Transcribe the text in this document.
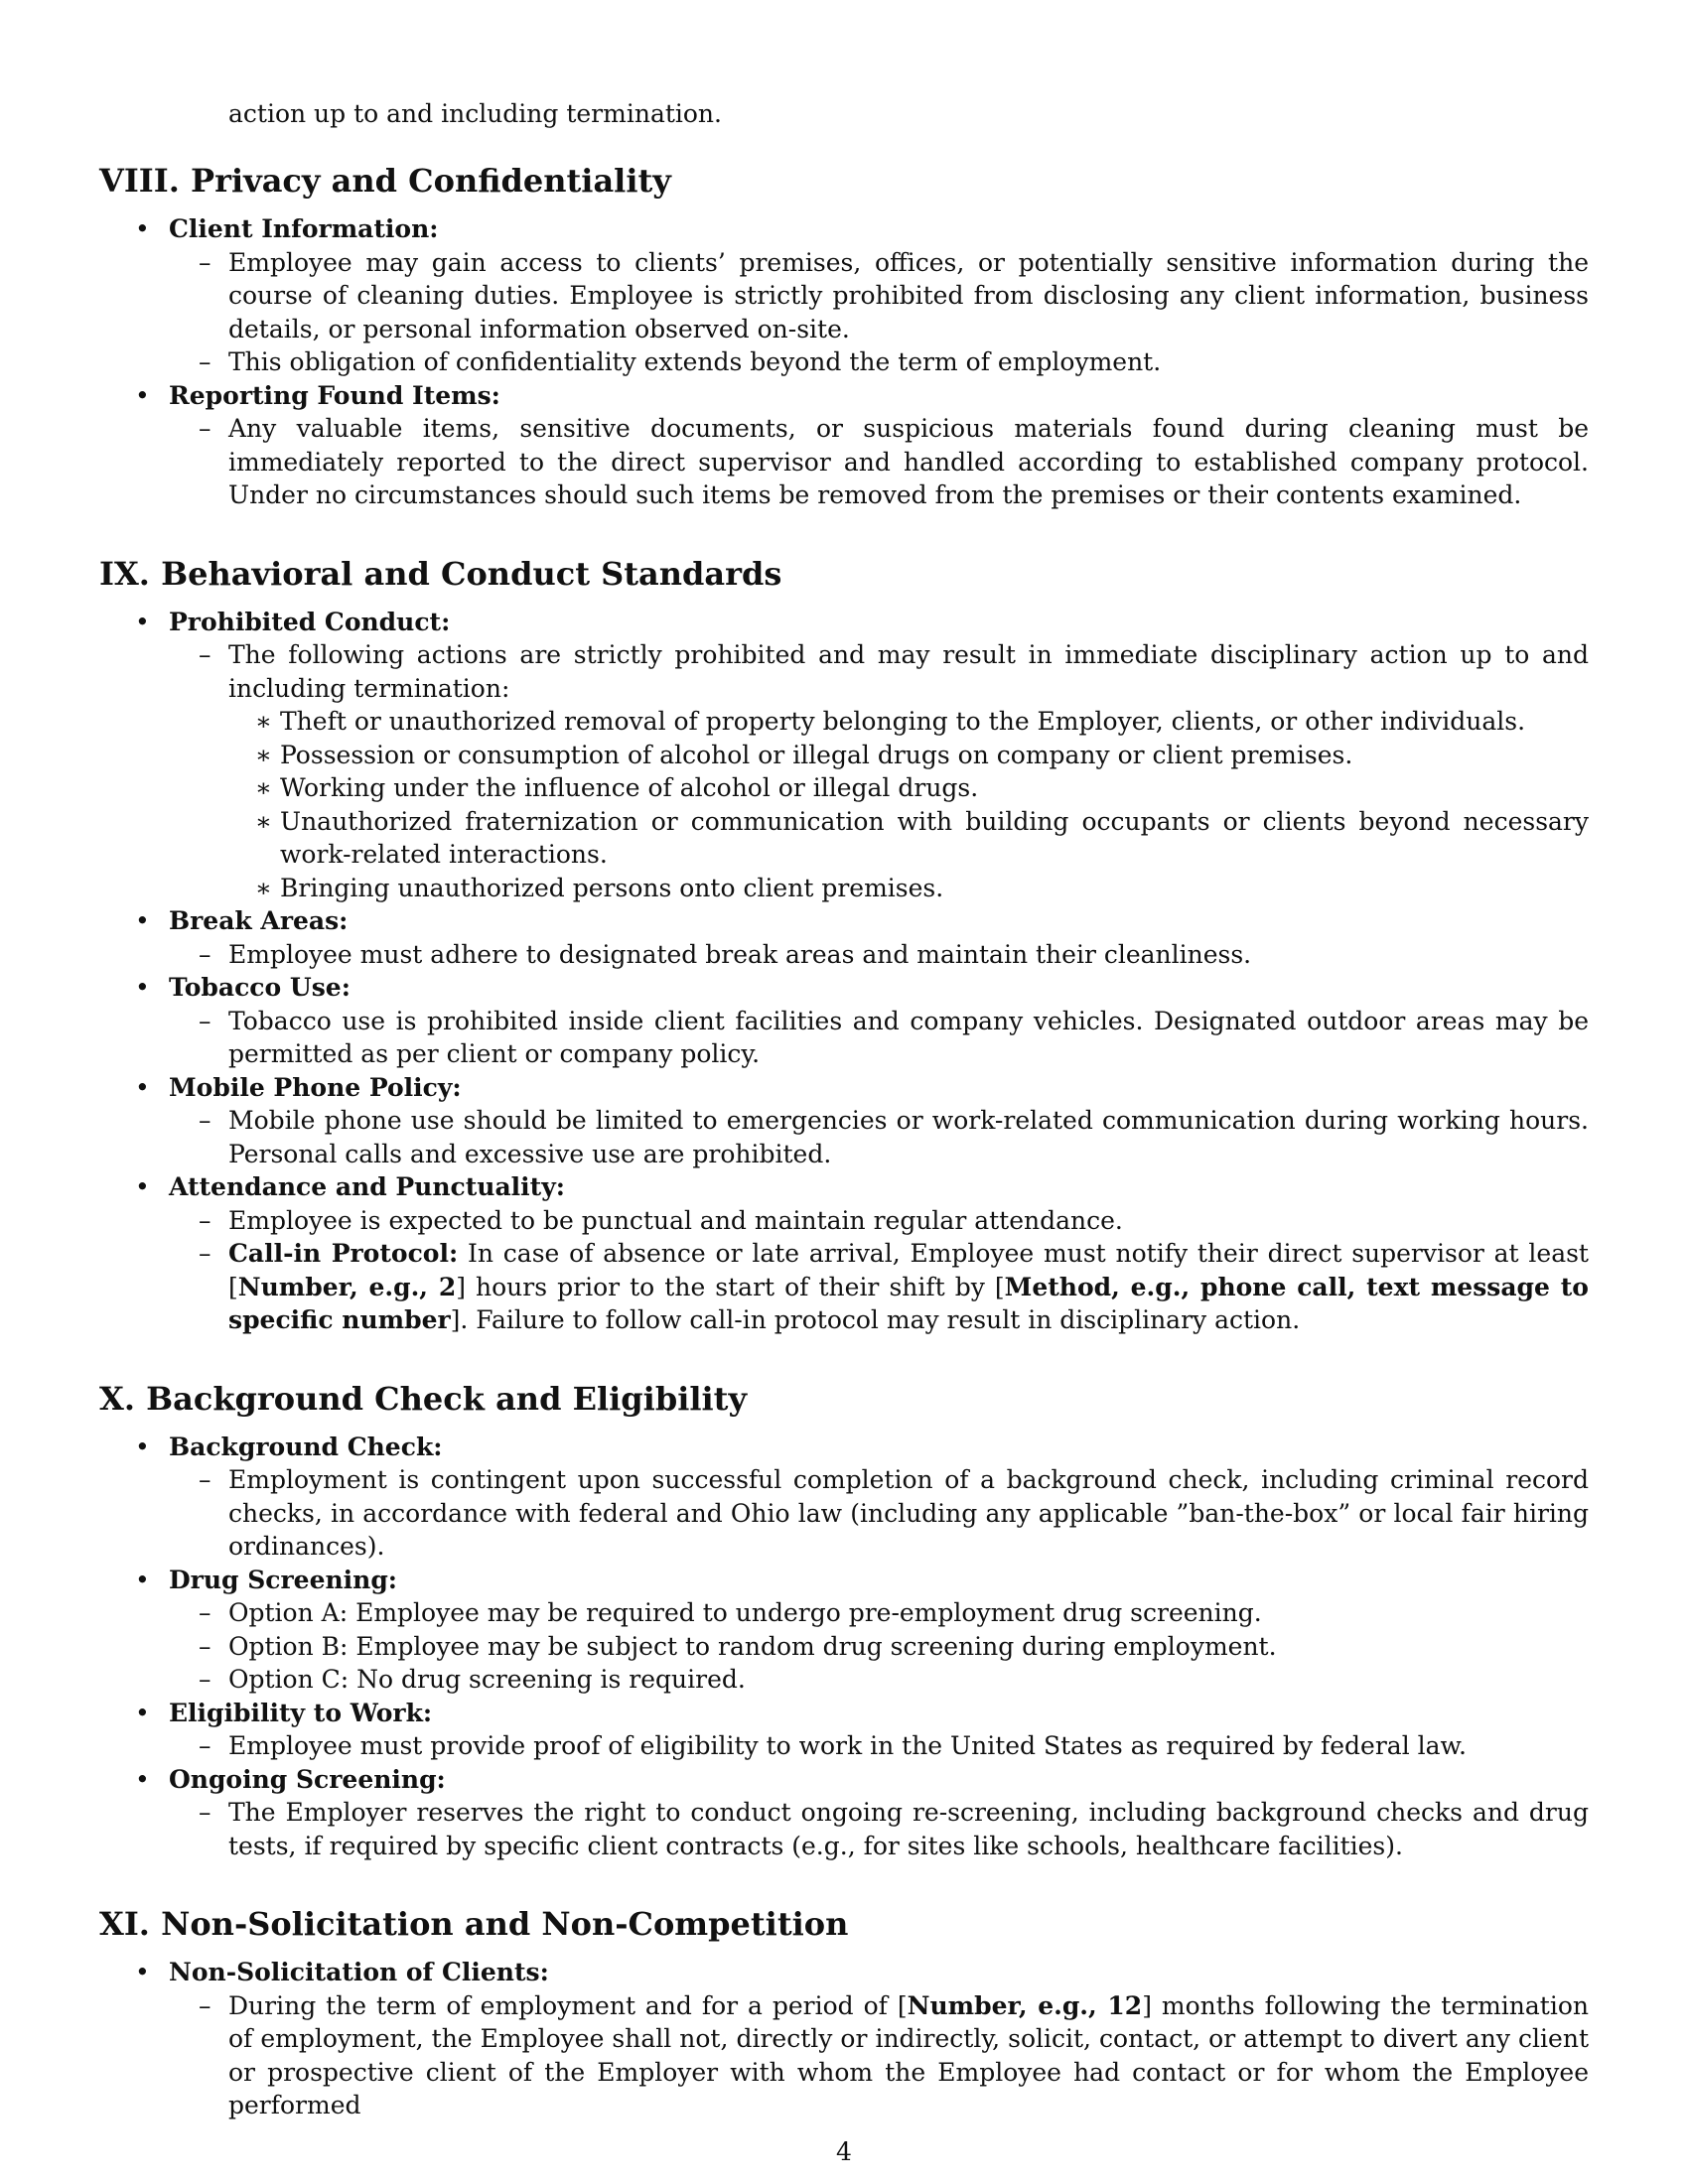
action up to and including termination.
VIII. Privacy and Confidentiality
• Client Information:
– Employee may gain access to clients’ premises, offices, or potentially sensitive information during the course of cleaning duties. Employee is strictly prohibited from disclosing any client information, business details, or personal information observed on-site.
– This obligation of confidentiality extends beyond the term of employment.
• Reporting Found Items:
– Any valuable items, sensitive documents, or suspicious materials found during cleaning must be immediately reported to the direct supervisor and handled according to established company protocol. Under no circumstances should such items be removed from the premises or their contents examined.
IX. Behavioral and Conduct Standards
• Prohibited Conduct:
– The following actions are strictly prohibited and may result in immediate disciplinary action up to and including termination:
∗ Theft or unauthorized removal of property belonging to the Employer, clients, or other individuals.
∗ Possession or consumption of alcohol or illegal drugs on company or client premises.
∗ Working under the influence of alcohol or illegal drugs.
∗ Unauthorized fraternization or communication with building occupants or clients beyond necessary work-related interactions.
∗ Bringing unauthorized persons onto client premises.
• Break Areas:
– Employee must adhere to designated break areas and maintain their cleanliness.
• Tobacco Use:
– Tobacco use is prohibited inside client facilities and company vehicles. Designated outdoor areas may be permitted as per client or company policy.
• Mobile Phone Policy:
– Mobile phone use should be limited to emergencies or work-related communication during working hours. Personal calls and excessive use are prohibited.
• Attendance and Punctuality:
– Employee is expected to be punctual and maintain regular attendance.
– Call-in Protocol: In case of absence or late arrival, Employee must notify their direct supervisor at least [Number, e.g., 2] hours prior to the start of their shift by [Method, e.g., phone call, text message to specific number]. Failure to follow call-in protocol may result in disciplinary action.
X. Background Check and Eligibility
• Background Check:
– Employment is contingent upon successful completion of a background check, including criminal record checks, in accordance with federal and Ohio law (including any applicable ”ban-the-box” or local fair hiring ordinances).
• Drug Screening:
– Option A: Employee may be required to undergo pre-employment drug screening.
– Option B: Employee may be subject to random drug screening during employment.
– Option C: No drug screening is required.
• Eligibility to Work:
– Employee must provide proof of eligibility to work in the United States as required by federal law.
• Ongoing Screening:
– The Employer reserves the right to conduct ongoing re-screening, including background checks and drug tests, if required by specific client contracts (e.g., for sites like schools, healthcare facilities).
XI. Non-Solicitation and Non-Competition
• Non-Solicitation of Clients:
– During the term of employment and for a period of [Number, e.g., 12] months following the termination of employment, the Employee shall not, directly or indirectly, solicit, contact, or attempt to divert any client or prospective client of the Employer with whom the Employee had contact or for whom the Employee performed
4
